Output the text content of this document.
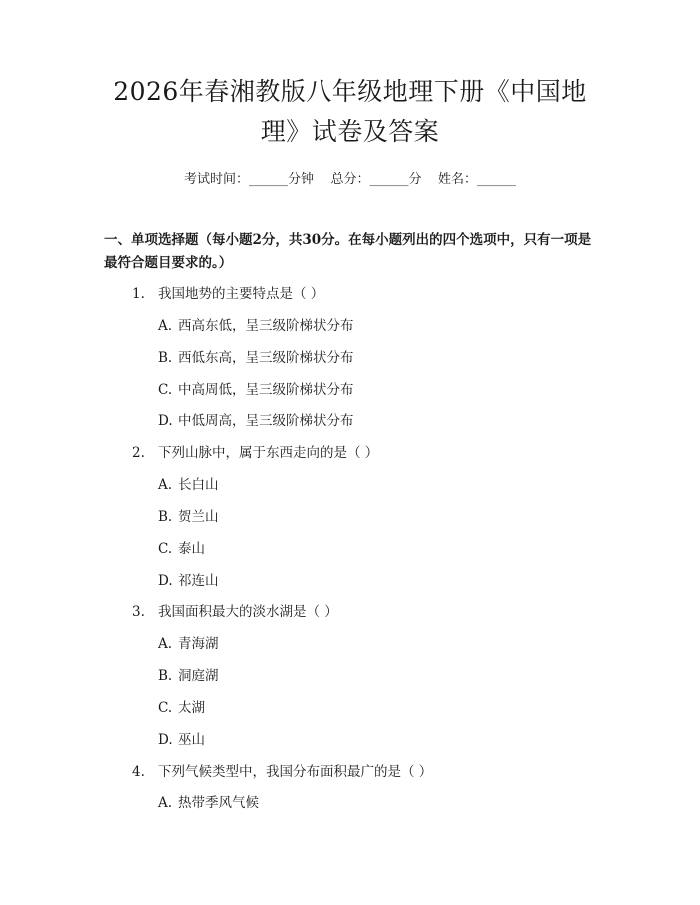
2026年春湘教版八年级地理下册《中国地理》试卷及答案
考试时间：______分钟    总分：______分    姓名：______

一、单项选择题（每小题2分，共30分。在每小题列出的四个选项中，只有一项是最符合题目要求的。）

1. 我国地势的主要特点是（ ）
A. 西高东低，呈三级阶梯状分布
B. 西低东高，呈三级阶梯状分布
C. 中高周低，呈三级阶梯状分布
D. 中低周高，呈三级阶梯状分布
2. 下列山脉中，属于东西走向的是（ ）
A. 长白山
B. 贺兰山
C. 泰山
D. 祁连山
3. 我国面积最大的淡水湖是（ ）
A. 青海湖
B. 洞庭湖
C. 太湖
D. 巫山
4. 下列气候类型中，我国分布面积最广的是（ ）
A. 热带季风气候
